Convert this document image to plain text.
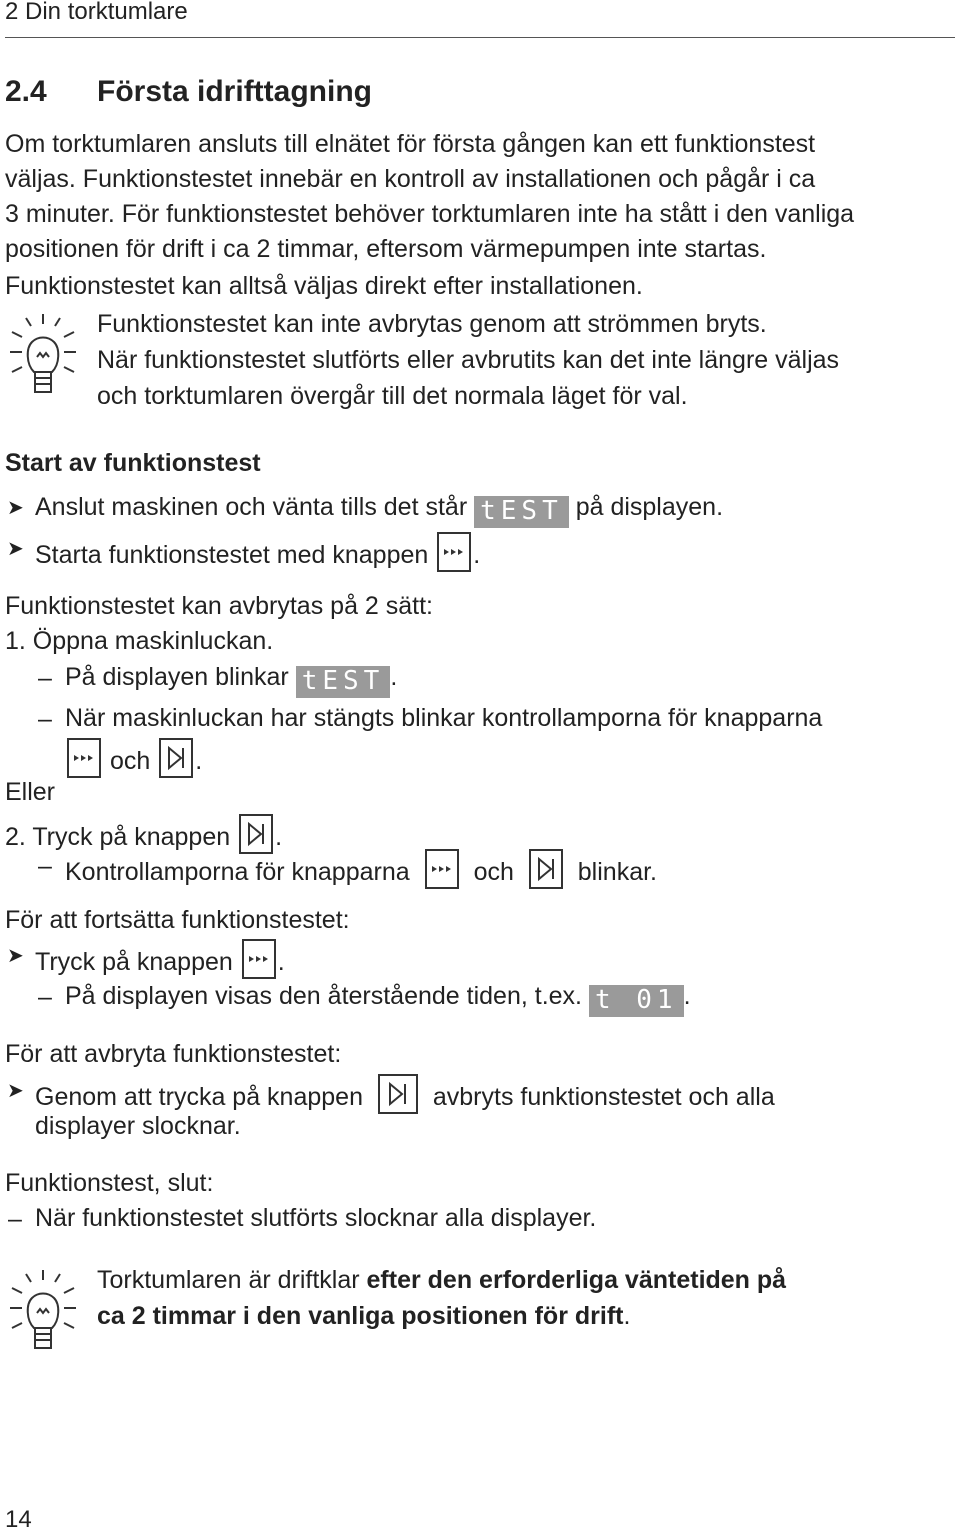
2 Din torktumlare
2.4 Första idrifttagning
Om torktumlaren ansluts till elnätet för första gången kan ett funktionstest
väljas. Funktionstestet innebär en kontroll av installationen och pågår i ca
3 minuter. För funktionstestet behöver torktumlaren inte ha stått i den vanliga
positionen för drift i ca 2 timmar, eftersom värmepumpen inte startas.
Funktionstestet kan alltså väljas direkt efter installationen.
Funktionstestet kan inte avbrytas genom att strömmen bryts.
När funktionstestet slutförts eller avbrutits kan det inte längre väljas
och torktumlaren övergår till det normala läget för val.
Start av funktionstest
➤ Anslut maskinen och vänta tills det står tEST på displayen.
➤ Starta funktionstestet med knappen .
Funktionstestet kan avbrytas på 2 sätt:
1. Öppna maskinluckan.
– På displayen blinkar tEST .
– När maskinluckan har stängts blinkar kontrollamporna för knapparna
och .
Eller
2. Tryck på knappen .
– Kontrollamporna för knapparna	och	blinkar.
För att fortsätta funktionstestet:
➤ Tryck på knappen .
– På displayen visas den återstående tiden, t.ex. t 01 .
För att avbryta funktionstestet:
➤ Genom att trycka på knappen	avbryts funktionstestet och alla
displayer slocknar.
Funktionstest, slut:
– När funktionstestet slutförts slocknar alla displayer.
Torktumlaren är driftklar efter den erforderliga väntetiden på
ca 2 timmar i den vanliga positionen för drift.
14
